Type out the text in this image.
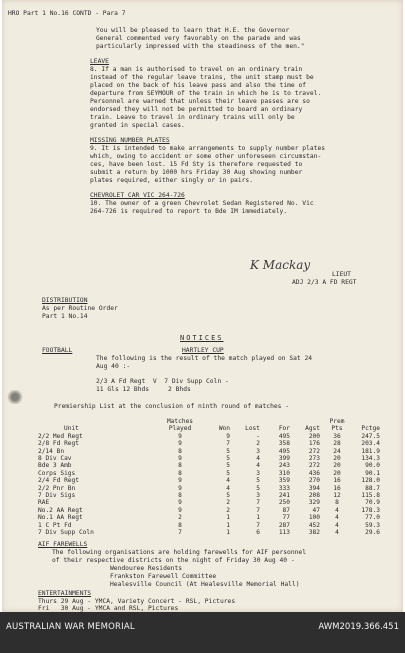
HRO Part 1 No.16 CONTD - Para 7
You will be pleased to learn that H.E. the Governor
General commented very favorably on the parade and was
particularly impressed with the steadiness of the men."
LEAVE
8. If a man is authorised to travel on an ordinary train
instead of the regular leave trains, the unit stamp must be
placed on the back of his leave pass and also the time of
departure from SEYMOUR of the train in which he is to travel.
Personnel are warned that unless their leave passes are so
endorsed they will not be permitted to board an ordinary
train. Leave to travel in ordinary trains will only be
granted in special cases.
MISSING NUMBER PLATES
9. It is intended to make arrangements to supply number plates
which, owing to accident or some other unforeseen circumstan-
ces, have been lost. 15 Fd Sty is therefore requested to
submit a return by 1000 hrs Friday 30 Aug showing number
plates required, either singly or in pairs.
CHEVROLET CAR VIC 264-726
10. The owner of a green Chevrolet Sedan Registered No. Vic
264-726 is required to report to Bde IM immediately.
K Mackay
LIEUT
ADJ 2/3 A FD REGT
DISTRIBUTION
As per Routine Order
Part 1 No.14
NOTICES
FOOTBALL	HARTLEY CUP
The following is the result of the match played on Sat 24
Aug 40 :-
2/3 A Fd Regt  V  7 Div Supp Coln -
11 Gls 12 Bhds     2 Bhds
Premiership List at the conclusion of ninth round of matches -
Unit	Matches
Played	Won	Lost	For	Agst	Prem
Pts	Pctge
2/2 Med Regt	9	9	-	495	200	36	247.5
2/8 Fd Regt	9	7	2	358	176	28	203.4
2/14 Bn	8	5	3	495	272	24	181.9
8 Div Cav	9	5	4	399	273	20	134.3
Bde 3 Amb	8	5	4	243	272	20	90.0
Corps Sigs	8	5	3	310	436	20	90.1
2/4 Fd Regt	9	4	5	359	270	16	128.0
2/2 Pnr Bn	9	4	5	333	394	16	88.7
7 Div Sigs	8	5	3	241	208	12	115.8
RAE	9	2	7	250	329	8	70.9
No.2 AA Regt	9	2	7	87	47	4	178.3
No.1 AA Regt	2	1	1	77	100	4	77.0
1 C Pt Fd	8	1	7	287	452	4	59.3
7 Div Supp Coln	7	1	6	113	382	4	29.6
AIF FAREWELLS
The following organisations are holding farewells for AIF personnel
of their respective districts on the night of Friday 30 Aug 40 -
Wendouree Residents
Frankston Farewell Committee
Healesville Council (At Healesville Memorial Hall)
ENTERTAINMENTS
Thurs 29 Aug - YMCA, Variety Concert - RSL, Pictures
Fri   30 Aug - YMCA and RSL, Pictures
AUSTRALIAN WAR MEMORIAL	AWM2019.366.451
